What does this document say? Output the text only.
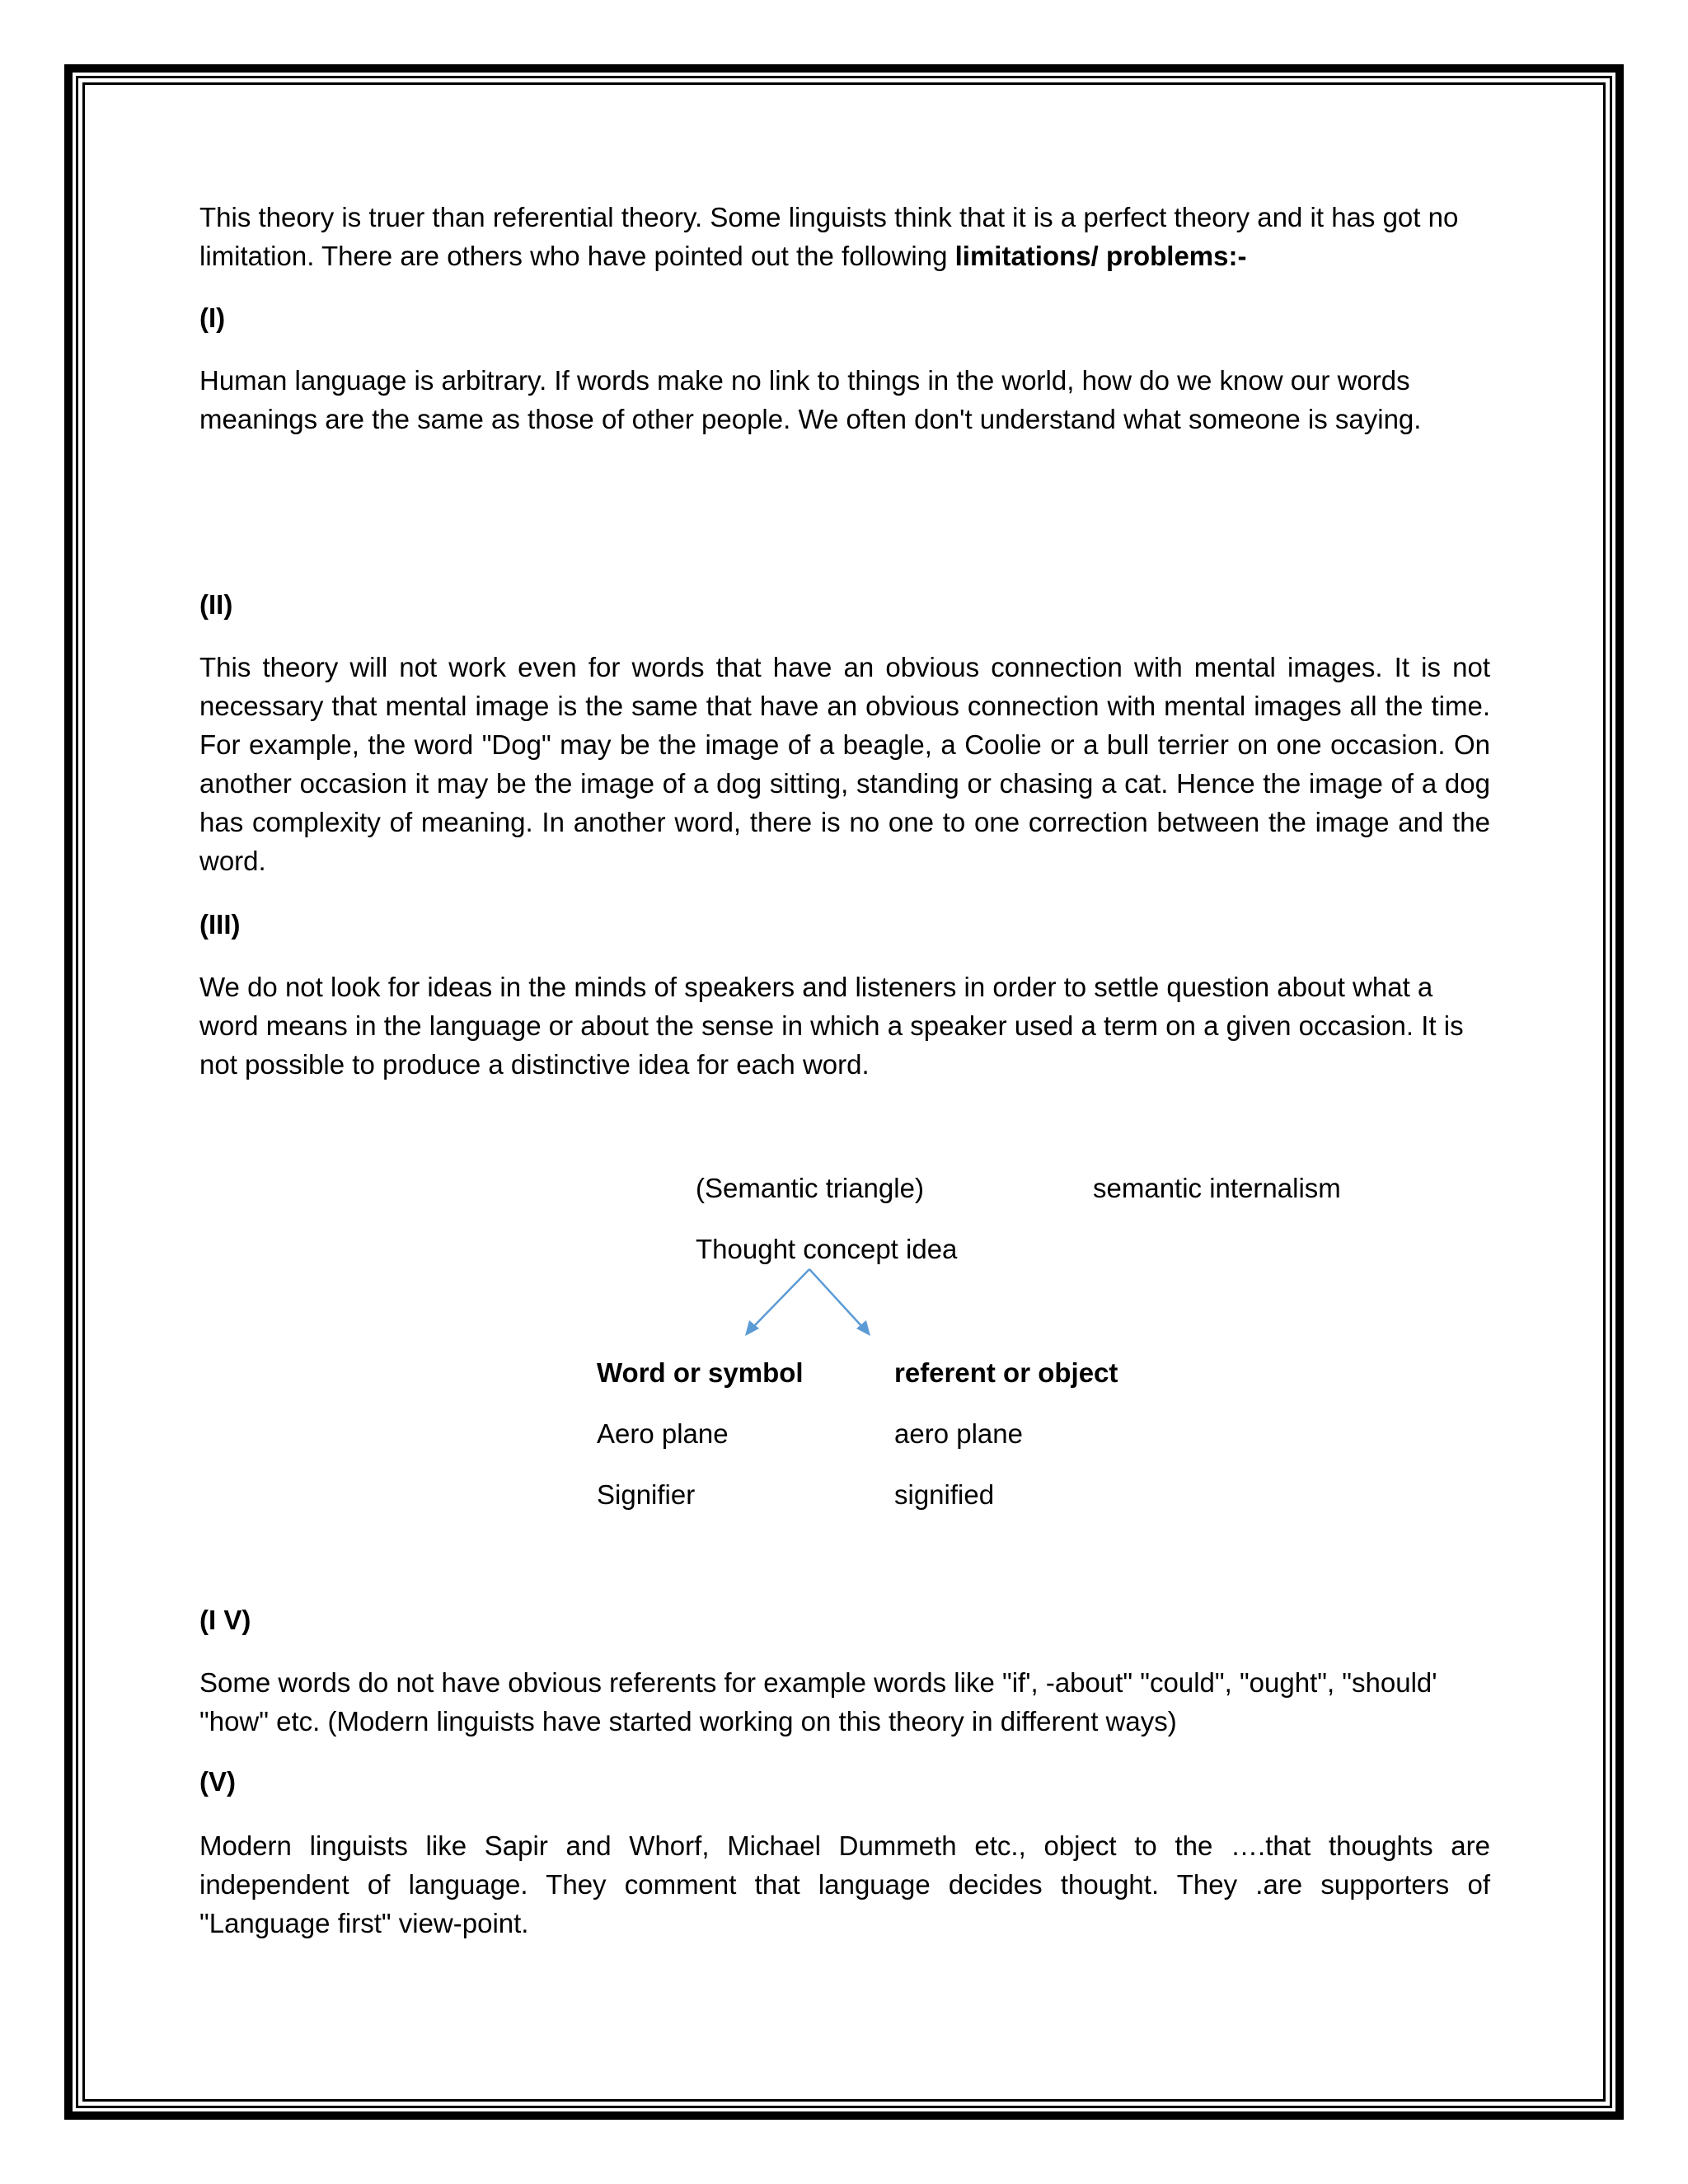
This theory is truer than referential theory. Some linguists think that it is a perfect theory and it has got no limitation. There are others who have pointed out the following limitations/ problems:-

(I)

Human language is arbitrary. If words make no link to things in the world, how do we know our words meanings are the same as those of other people. We often don't understand what someone is saying.

(II)

This theory will not work even for words that have an obvious connection with mental images. It is not necessary that mental image is the same that have an obvious connection with mental images all the time. For example, the word "Dog" may be the image of a beagle, a Coolie or a bull terrier on one occasion. On another occasion it may be the image of a dog sitting, standing or chasing a cat. Hence the image of a dog has complexity of meaning. In another word, there is no one to one correction between the image and the word.

(III)

We do not look for ideas in the minds of speakers and listeners in order to settle question about what a word means in the language or about the sense in which a speaker used a term on a given occasion. It is not possible to produce a distinctive idea for each word.

(I V)

Some words do not have obvious referents for example words like "if', -about" "could", "ought", "should' "how" etc. (Modern linguists have started working on this theory in different ways)

(V)

Modern linguists like Sapir and Whorf, Michael Dummeth etc., object to the ….that thoughts are independent of language. They comment that language decides thought. They .are supporters of "Language first" view-point.

(Semantic triangle)	semantic internalism
Thought concept idea
Word or symbol	referent or object
Aero plane	aero plane
Signifier	signified
